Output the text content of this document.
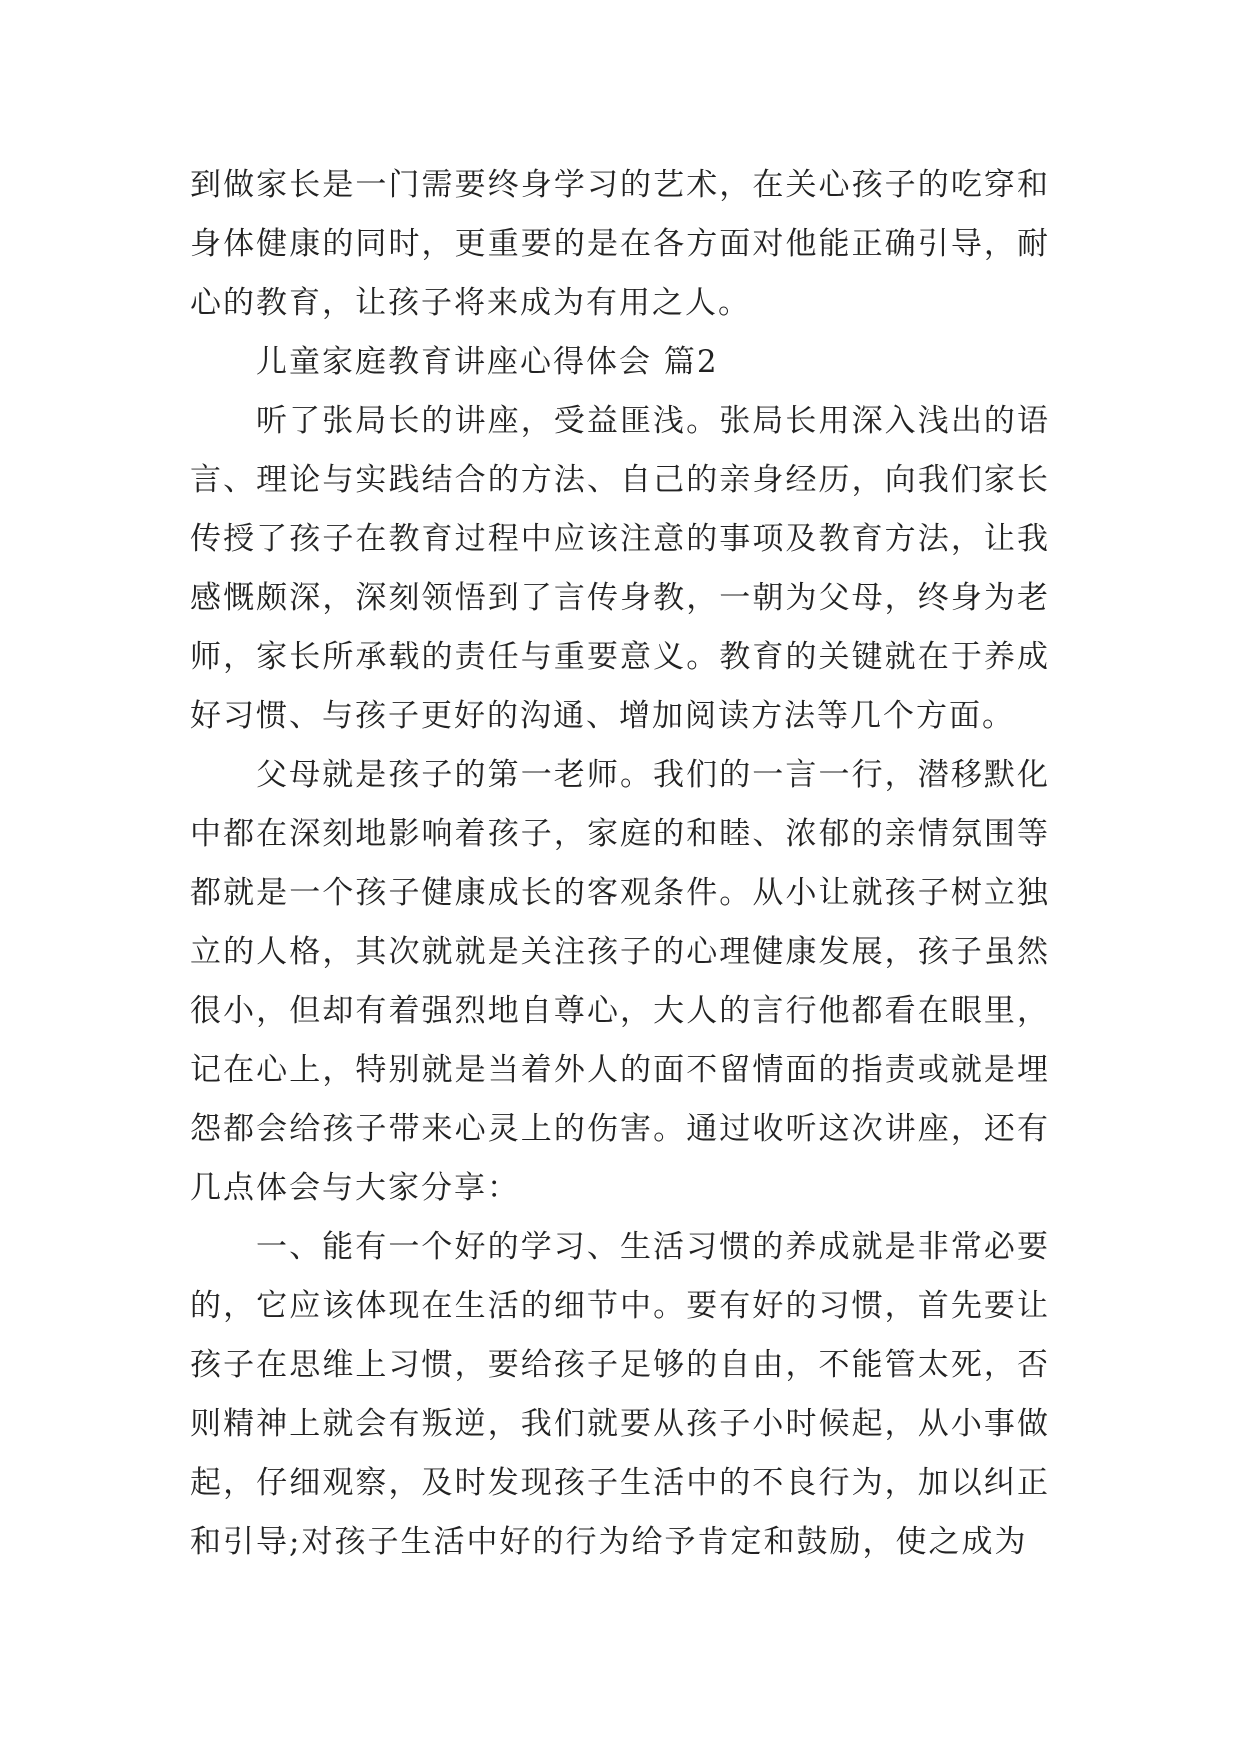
到做家长是一门需要终身学习的艺术，在关心孩子的吃穿和身体健康的同时，更重要的是在各方面对他能正确引导，耐心的教育，让孩子将来成为有用之人。

儿童家庭教育讲座心得体会 篇2

听了张局长的讲座，受益匪浅。张局长用深入浅出的语言、理论与实践结合的方法、自己的亲身经历，向我们家长传授了孩子在教育过程中应该注意的事项及教育方法，让我感慨颇深，深刻领悟到了言传身教，一朝为父母，终身为老师，家长所承载的责任与重要意义。教育的关键就在于养成好习惯、与孩子更好的沟通、增加阅读方法等几个方面。

父母就是孩子的第一老师。我们的一言一行，潜移默化中都在深刻地影响着孩子，家庭的和睦、浓郁的亲情氛围等都就是一个孩子健康成长的客观条件。从小让就孩子树立独立的人格，其次就就是关注孩子的心理健康发展，孩子虽然很小，但却有着强烈地自尊心，大人的言行他都看在眼里，记在心上，特别就是当着外人的面不留情面的指责或就是埋怨都会给孩子带来心灵上的伤害。通过收听这次讲座，还有几点体会与大家分享：

一、能有一个好的学习、生活习惯的养成就是非常必要的，它应该体现在生活的细节中。要有好的习惯，首先要让孩子在思维上习惯，要给孩子足够的自由，不能管太死，否则精神上就会有叛逆，我们就要从孩子小时候起，从小事做起，仔细观察，及时发现孩子生活中的不良行为，加以纠正和引导;对孩子生活中好的行为给予肯定和鼓励，使之成为
